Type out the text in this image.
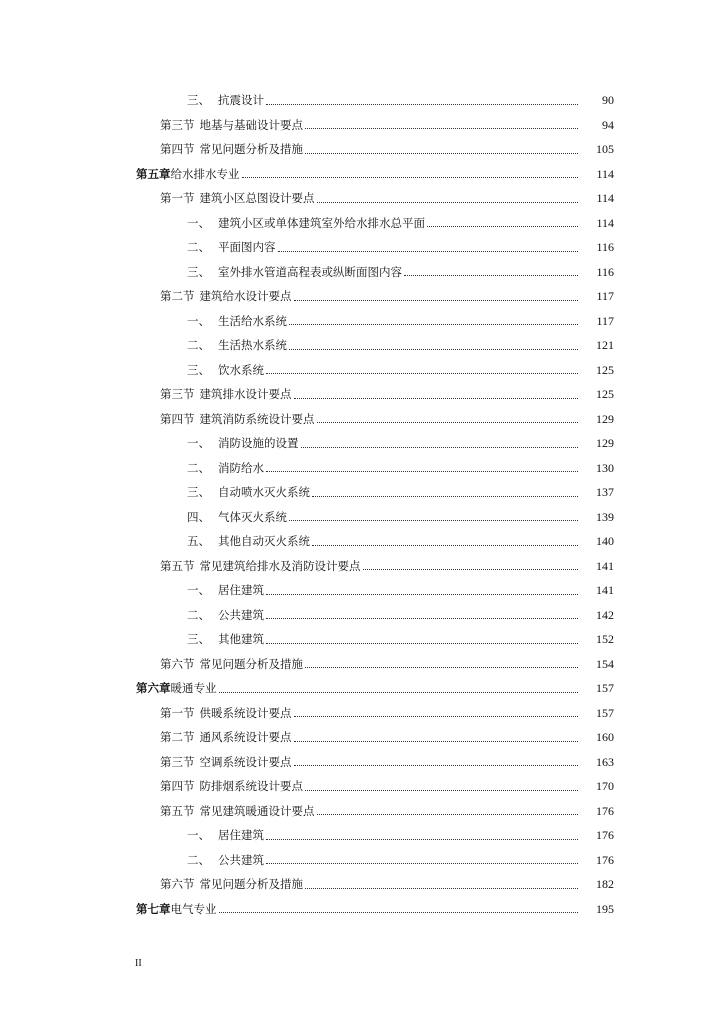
三、 抗震设计	90
第三节 地基与基础设计要点	94
第四节 常见问题分析及措施	105
第五章 给水排水专业	114
第一节 建筑小区总图设计要点	114
一、 建筑小区或单体建筑室外给水排水总平面	114
二、 平面图内容	116
三、 室外排水管道高程表或纵断面图内容	116
第二节 建筑给水设计要点	117
一、 生活给水系统	117
二、 生活热水系统	121
三、 饮水系统	125
第三节 建筑排水设计要点	125
第四节 建筑消防系统设计要点	129
一、 消防设施的设置	129
二、 消防给水	130
三、 自动喷水灭火系统	137
四、 气体灭火系统	139
五、 其他自动灭火系统	140
第五节 常见建筑给排水及消防设计要点	141
一、 居住建筑	141
二、 公共建筑	142
三、 其他建筑	152
第六节 常见问题分析及措施	154
第六章 暖通专业	157
第一节 供暖系统设计要点	157
第二节 通风系统设计要点	160
第三节 空调系统设计要点	163
第四节 防排烟系统设计要点	170
第五节 常见建筑暖通设计要点	176
一、 居住建筑	176
二、 公共建筑	176
第六节 常见问题分析及措施	182
第七章 电气专业	195
II
